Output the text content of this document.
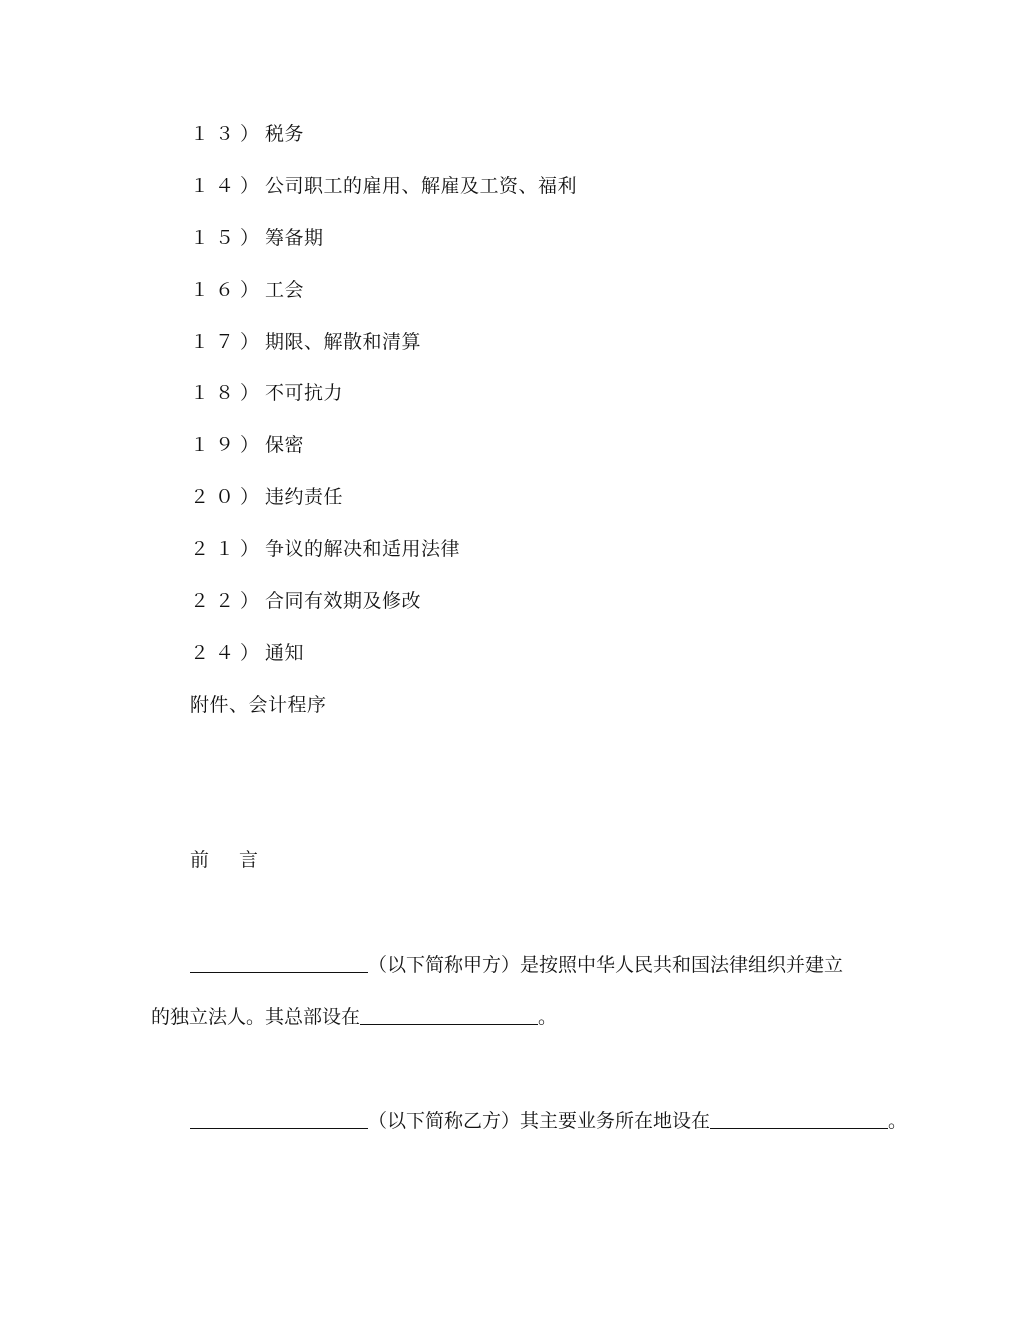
１３）税务
１４）公司职工的雇用、解雇及工资、福利
１５）筹备期
１６）工会
１７）期限、解散和清算
１８）不可抗力
１９）保密
２０）违约责任
２１）争议的解决和适用法律
２２）合同有效期及修改
２４）通知
附件、会计程序
前 言
（以下简称甲方）是按照中华人民共和国法律组织并建立
的独立法人。其总部设在	。
（以下简称乙方）其主要业务所在地设在	。
